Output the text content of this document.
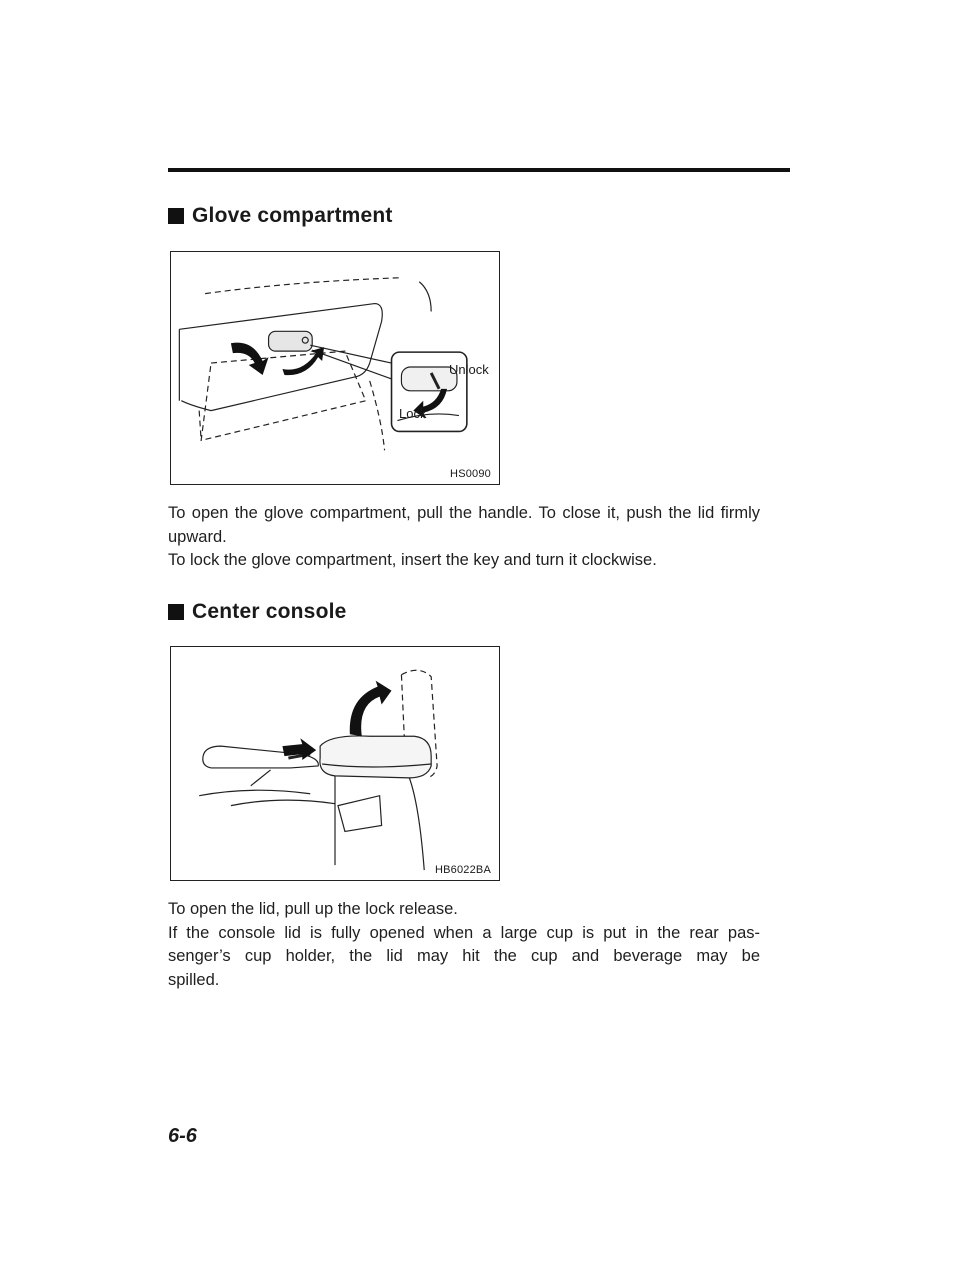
Glove compartment
Unlock
Lock
HS0090

To open the glove compartment, pull the handle. To close it, push the lid firmly upward.
To lock the glove compartment, insert the key and turn it clockwise.

Center console
HB6022BA

To open the lid, pull up the lock release.
If the console lid is fully opened when a large cup is put in the rear pas-
senger’s cup holder, the lid may hit the cup and beverage may be
spilled.

6-6
